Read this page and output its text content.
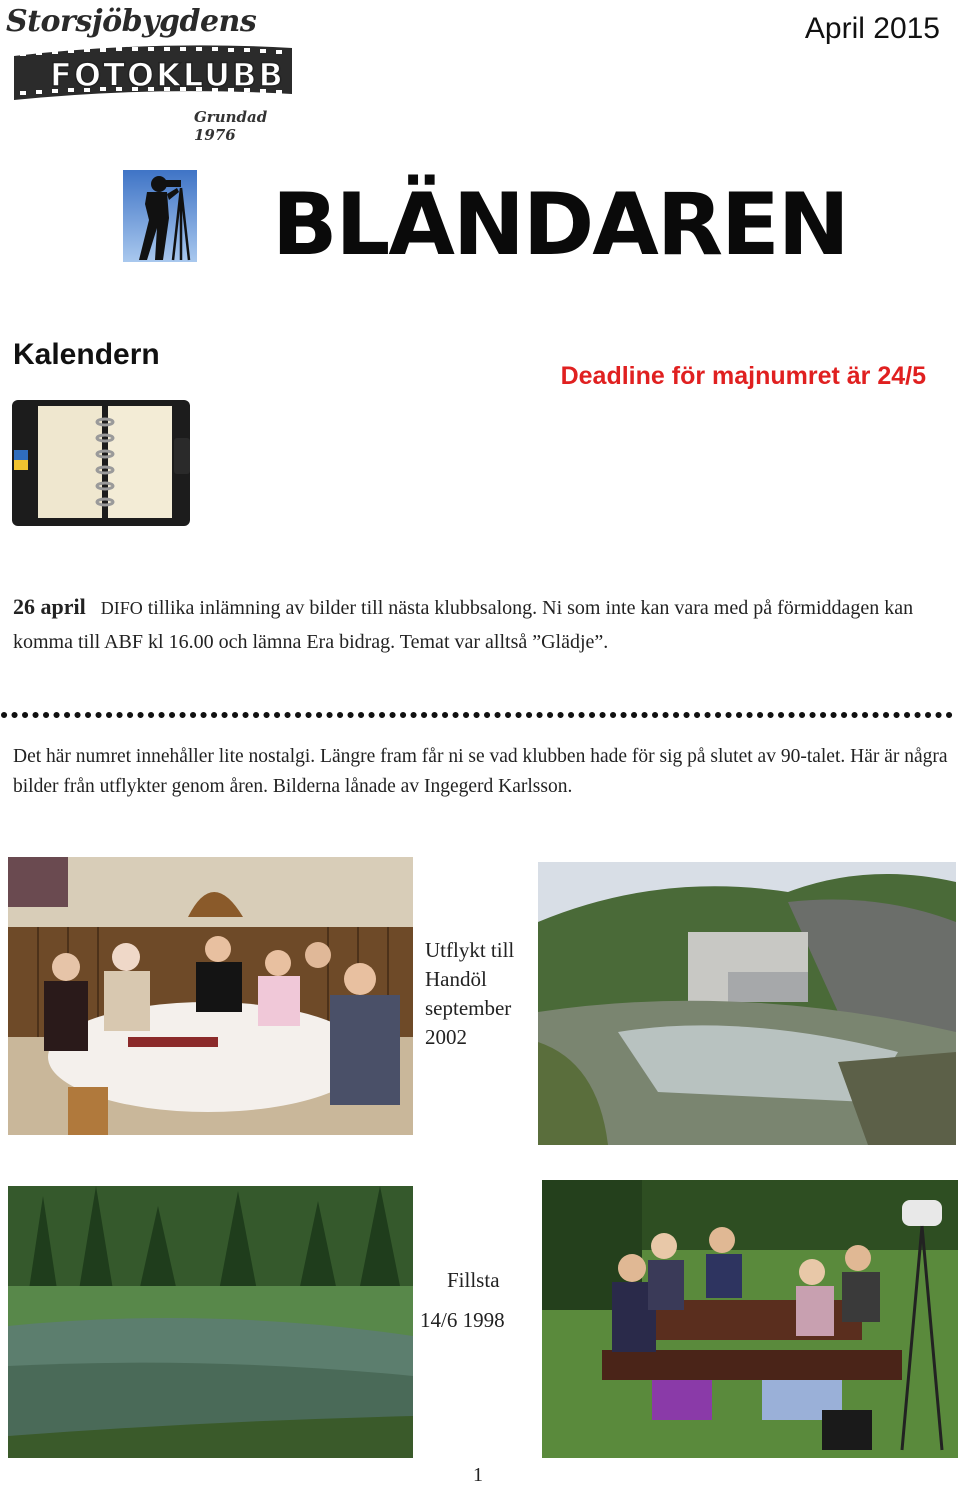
Storsjöbygdens
FOTOKLUBB
Grundad 1976
April 2015
BLÄNDAREN
Kalendern
Deadline för majnumret är 24/5
26 april DIFO tillika inlämning av bilder till nästa klubbsalong. Ni som inte kan vara med på förmiddagen kan komma till ABF kl 16.00 och lämna Era bidrag. Temat var alltså ”Glädje”.
Det här numret innehåller lite nostalgi. Längre fram får ni se vad klubben hade för sig på slutet av 90-talet. Här är några bilder från utflykter genom åren. Bilderna lånade av Ingegerd Karlsson.
Utflykt till
Handöl
september
2002
Fillsta
14/6 1998
1
